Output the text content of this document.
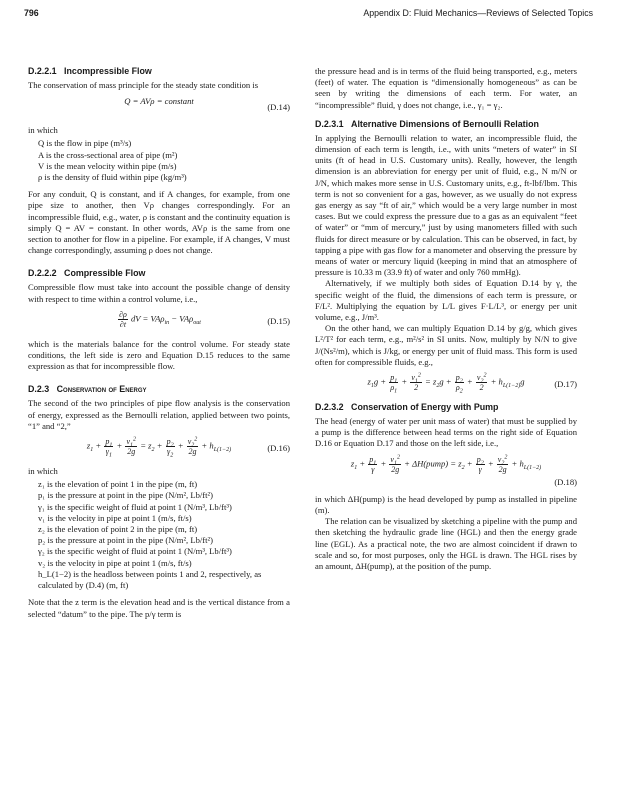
796	Appendix D: Fluid Mechanics—Reviews of Selected Topics
D.2.2.1 Incompressible Flow

The conservation of mass principle for the steady state condition is

Q = AVρ = constant
(D.14)

in which

Q is the flow in pipe (m³/s)
A is the cross-sectional area of pipe (m²)
V is the mean velocity within pipe (m/s)
ρ is the density of fluid within pipe (kg/m³)

For any conduit, Q is constant, and if A changes, for example, from one pipe size to another, then Vρ changes correspondingly. For an incompressible fluid, e.g., water, ρ is constant and the continuity equation is simply Q = AV = constant. In other words, AVρ is the same from one section to another for flow in a pipeline. For example, if A changes, V must change correspondingly, assuming ρ does not change.

D.2.2.2 Compressible Flow

Compressible flow must take into account the possible change of density with respect to time within a control volume, i.e.,

$\frac{\partial\rho}{\partial t}$ dV = VAρ$_{in}$ − VAρ$_{out}$	(D.15)

which is the materials balance for the control volume. For steady state conditions, the left side is zero and Equation D.15 reduces to the same expression as that for incompressible flow.

D.2.3 Conservation of Energy

The second of the two principles of pipe flow analysis is the conservation of energy, expressed as the Bernoulli relation, applied between two points, “1” and “2,”

$z_1 + \frac{p_1}{\gamma_1} + \frac{v_1^2}{2g} = z_2 + \frac{p_2}{\gamma_2} + \frac{v_2^2}{2g} + h_{L(1-2)}$	(D.16)

in which

z₁ is the elevation of point 1 in the pipe (m, ft)
p₁ is the pressure at point in the pipe (N/m², Lb/ft²)
γ₁ is the specific weight of fluid at point 1 (N/m³, Lb/ft³)
v₁ is the velocity in pipe at point 1 (m/s, ft/s)
z₂ is the elevation of point 2 in the pipe (m, ft)
p₂ is the pressure at point in the pipe (N/m², Lb/ft²)
γ₂ is the specific weight of fluid at point 1 (N/m³, Lb/ft³)
v₂ is the velocity in pipe at point 1 (m/s, ft/s)
h_L(1−2) is the headloss between points 1 and 2, respectively, as calculated by (D.4) (m, ft)

Note that the z term is the elevation head and is the vertical distance from a selected “datum” to the pipe. The p/γ term is

the pressure head and is in terms of the fluid being transported, e.g., meters (feet) of water. The equation is “dimensionally homogeneous” as can be seen by writing the dimensions of each term. For water, an “incompressible” fluid, γ does not change, i.e., γ₁ = γ₂.

D.2.3.1 Alternative Dimensions of Bernoulli Relation

In applying the Bernoulli relation to water, an incompressible fluid, the dimension of each term is length, i.e., with units “meters of water” in SI units (ft of head in U.S. Customary units). Really, however, the length dimension is an abbreviation for energy per unit of fluid, e.g., N m/N or J/N, which makes more sense in U.S. Customary units, e.g., ft-lbf/lbm. This term is not so convenient for a gas, however, as we usually do not express gas energy as say “ft of air,” which would be a very large number in most cases. But we could express the pressure due to a gas as an equivalent “feet of water” or “mm of mercury,” just by using manometers filled with such fluids for direct measure or by calculation. This can be observed, in fact, by tapping a pipe with gas flow for a manometer and observing the pressure by means of water or mercury liquid (keeping in mind that an atmosphere of pressure is 10.33 m (33.9 ft) of water and only 760 mmHg).

Alternatively, if we multiply both sides of Equation D.14 by γ, the specific weight of the fluid, the dimensions of each term is pressure, or F/L². Multiplying the equation by L/L gives F·L/L³, or energy per unit volume, e.g., J/m³.

On the other hand, we can multiply Equation D.14 by g/g, which gives L²/T² for each term, e.g., m²/s² in SI units. Now, multiply by N/N to give J/(Ns²/m), which is J/kg, or energy per unit of fluid mass. This form is used often for compressible fluids, e.g.,

$z_1g + \frac{p_1}{\rho_1} + \frac{v_1^2}{2} = z_2g + \frac{p_2}{\rho_2} + \frac{v_2^2}{2} + h_{L(1-2)}g$	(D.17)
D.2.3.2 Conservation of Energy with Pump

The head (energy of water per unit mass of water) that must be supplied by a pump is the difference between head terms on the right side of Equation D.16 or Equation D.17 and those on the left side, i.e.,

$z_1 + \frac{p_1}{\gamma} + \frac{v_1^2}{2g}$ + ΔH(pump) = $z_2 + \frac{p_2}{\gamma} + \frac{v_2^2}{2g} + h_{L(1-2)}$
(D.18)

in which ΔH(pump) is the head developed by pump as installed in pipeline (m).

The relation can be visualized by sketching a pipeline with the pump and then sketching the hydraulic grade line (HGL) and then the energy grade line (EGL). As a practical note, the two are almost coincident if drawn to scale and so, for most purposes, only the HGL is drawn. The HGL rises by an amount, ΔH(pump), at the position of the pump.
